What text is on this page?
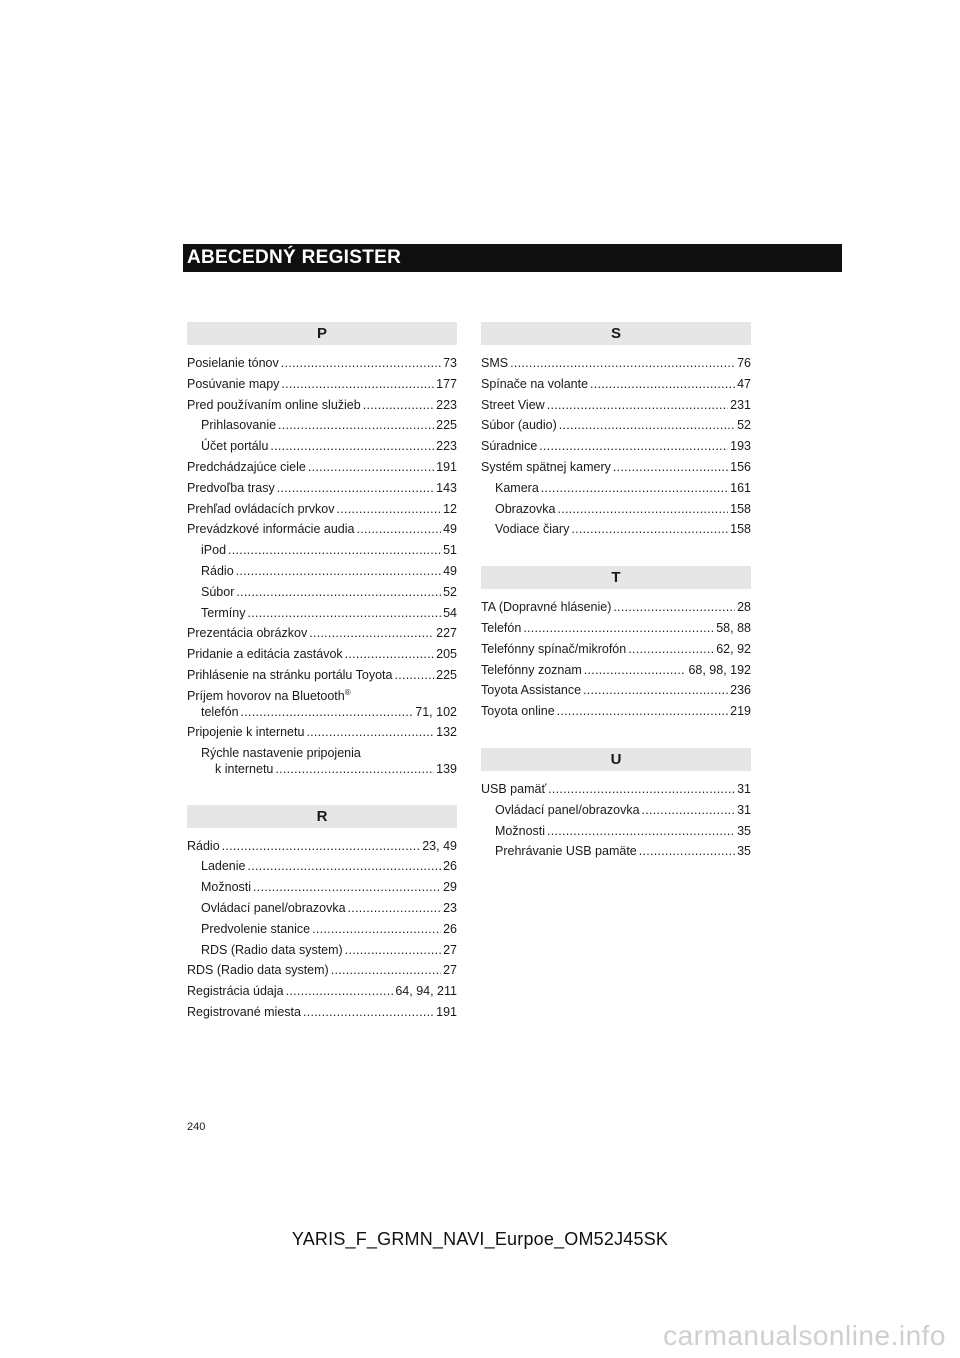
ABECEDNÝ REGISTER
P
Posielanie tónov . . .	73
Posúvanie mapy . . .	177
Pred používaním online služieb . . .	223
Prihlasovanie . . .	225
Účet portálu . . .	223
Predchádzajúce ciele . . .	191
Predvoľba trasy . . .	143
Prehľad ovládacích prvkov . . .	12
Prevádzkové informácie audia . . .	49
iPod . . .	51
Rádio . . .	49
Súbor . . .	52
Termíny . . .	54
Prezentácia obrázkov . . .	227
Pridanie a editácia zastávok . . .	205
Prihlásenie na stránku portálu Toyota . . .	225
Príjem hovorov na Bluetooth®
telefón . . .	71, 102
Pripojenie k internetu . . .	132
Rýchle nastavenie pripojenia
k internetu . . .	139
R
Rádio . . .	23, 49
Ladenie . . .	26
Možnosti . . .	29
Ovládací panel/obrazovka . . .	23
Predvolenie stanice . . .	26
RDS (Radio data system) . . .	27
RDS (Radio data system) . . .	27
Registrácia údaja . . .	64, 94, 211
Registrované miesta . . .	191
S
SMS . . .	76
Spínače na volante . . .	47
Street View . . .	231
Súbor (audio) . . .	52
Súradnice . . .	193
Systém spätnej kamery . . .	156
Kamera . . .	161
Obrazovka . . .	158
Vodiace čiary . . .	158
T
TA (Dopravné hlásenie) . . .	28
Telefón . . .	58, 88
Telefónny spínač/mikrofón . . .	62, 92
Telefónny zoznam . . .	68, 98, 192
Toyota Assistance . . .	236
Toyota online . . .	219
U
USB pamäť . . .	31
Ovládací panel/obrazovka . . .	31
Možnosti . . .	35
Prehrávanie USB pamäte . . .	35
240
YARIS_F_GRMN_NAVI_Eurpoe_OM52J45SK
carmanualsonline.info
